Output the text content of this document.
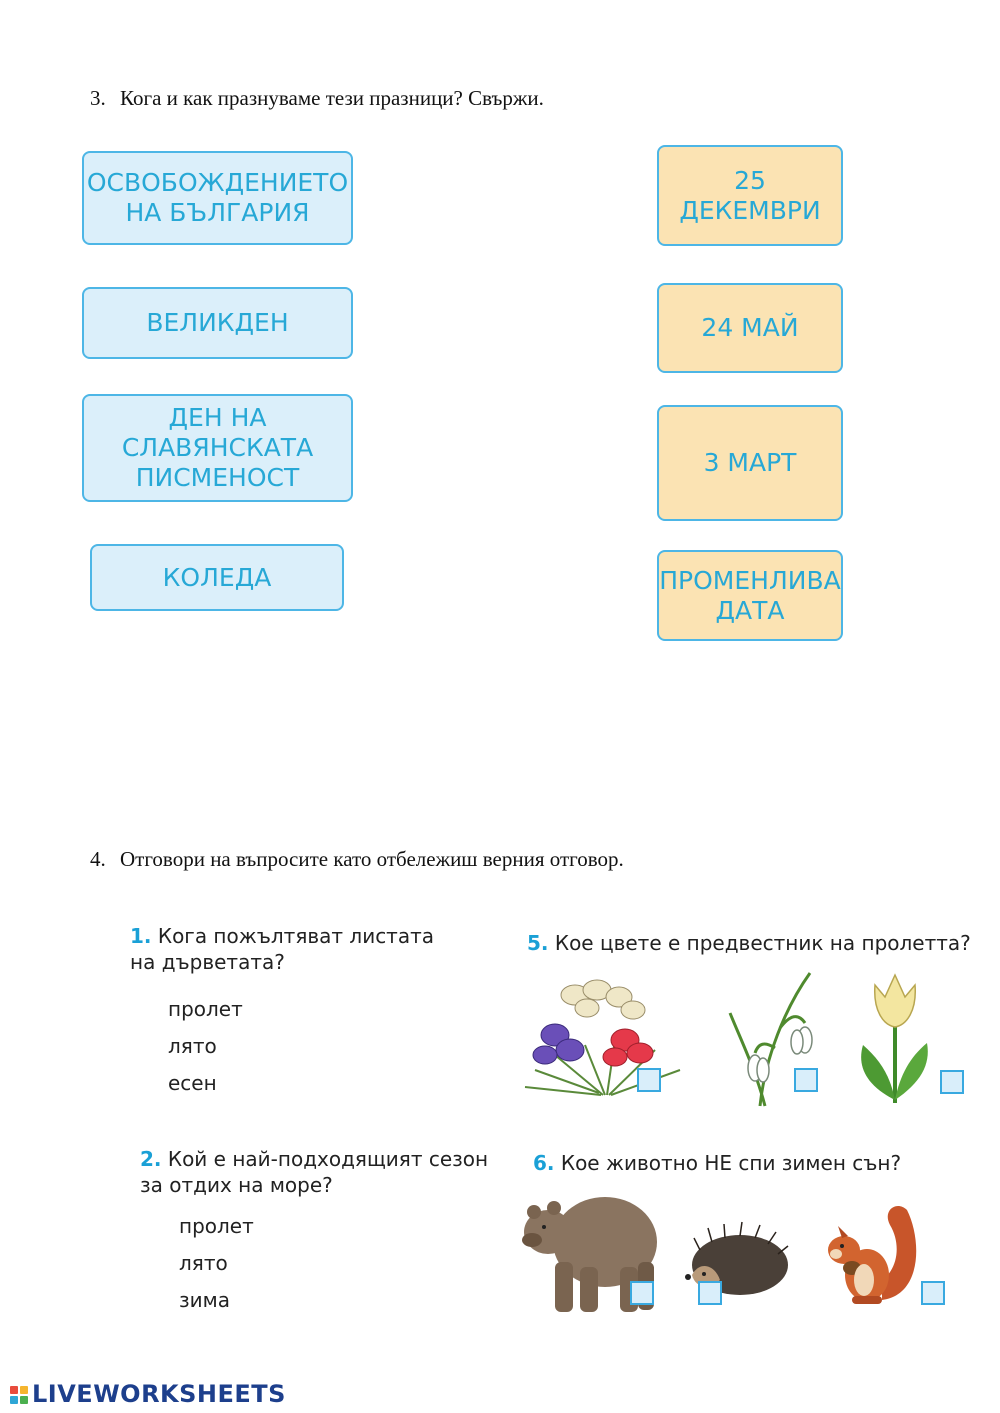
3. Кога и как празнуваме тези празници? Свържи.
ОСВОБОЖДЕНИЕТО
НА БЪЛГАРИЯ
ВЕЛИКДЕН
ДЕН НА
СЛАВЯНСКАТА
ПИСМЕНОСТ
КОЛЕДА
25
ДЕКЕМВРИ
24 МАЙ
3 МАРТ
ПРОМЕНЛИВА
ДАТА
4. Отговори на въпросите като отбележиш верния отговор.
1. Кога пожълтяват листата на дърветата?
пролет
лято
есен
2. Кой е най-подходящият сезон за отдих на море?
пролет
лято
зима
5. Кое цвете е предвестник на пролетта?
6. Кое животно НЕ спи зимен сън?
LIVEWORKSHEETS
